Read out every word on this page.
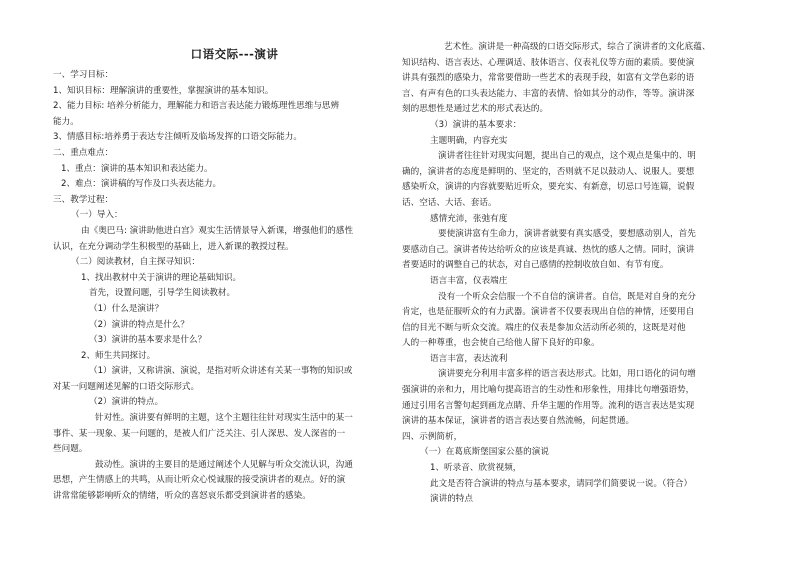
口语交际---演讲
一、学习目标：
1、知识目标：理解演讲的重要性，掌握演讲的基本知识。
2、能力目标: 培养分析能力，理解能力和语言表达能力锻炼理性思维与思辨
能力。
3、情感目标:培养勇于表达专注倾听及临场发挥的口语交际能力。
二、重点难点：
1、重点：演讲的基本知识和表达能力。
2、难点：演讲稿的写作及口头表达能力。
三、教学过程：
（一）导入：
由《奥巴马: 演讲助他进白宫》观实生活情景导入新课，增强他们的感性
认识，在充分调动学生积极型的基础上，进入新课的教授过程。
（二）阅读教材，自主探寻知识：
1、找出教材中关于演讲的理论基础知识。
首先，设置问题，引导学生阅读教材。
（1）什么是演讲？
（2）演讲的特点是什么？
（3）演讲的基本要求是什么？
2、师生共同探讨。
（1）演讲，又称讲演、演说，是指对听众讲述有关某一事物的知识或
对某一问题阐述见解的口语交际形式。
（2）演讲的特点。
针对性。演讲要有鲜明的主题，这个主题往往针对现实生活中的某一
事件、某一现象、某一问题的，是被人们广泛关注、引人深思、发人深省的一
些问题。
鼓动性。演讲的主要目的是通过阐述个人见解与听众交流认识，沟通
思想，产生情感上的共鸣，从而让听众心悦诚服的接受演讲者的观点。好的演
讲常常能够影响听众的情绪，听众的喜怒哀乐都受到演讲者的感染。
艺术性。演讲是一种高级的口语交际形式，综合了演讲者的文化底蕴、
知识结构、语言表达、心理调适、肢体语言、仪表礼仪等方面的素质。要使演
讲具有强烈的感染力，常常要借助一些艺术的表现手段，如富有文学色彩的语
言、有声有色的口头表达能力、丰富的表情、恰如其分的动作，等等。演讲深
刻的思想性是通过艺术的形式表达的。
（3）演讲的基本要求：
主题明确，内容充实
演讲者往往针对现实问题，提出自己的观点，这个观点是集中的、明
确的，演讲者的态度是鲜明的、坚定的，否则就不足以鼓动人、说服人。要想
感染听众，演讲的内容就要贴近听众，要充实、有新意，切忌口号连篇，说假
话、空话、大话、套话。
感情充沛，张弛有度
要使演讲富有生命力，演讲者就要有真实感受，要想感动别人，首先
要感动自己。演讲者传达给听众的应该是真诚、热忱的感人之情。同时，演讲
者要适时的调整自己的状态，对自己感情的控制收放自如、有节有度。
语言丰富，仪表端庄
没有一个听众会信服一个不自信的演讲者。自信，既是对自身的充分
肯定，也是征服听众的有力武器。演讲者不仅要表现出自信的神情，还要用自
信的目光不断与听众交流。端庄的仪表是参加众活动所必须的，这既是对他
人的一种尊重，也会使自己给他人留下良好的印象。
语言丰富，表达流利
演讲要充分利用丰富多样的语言表达形式。比如，用口语化的词句增
强演讲的亲和力，用比喻句提高语言的生动性和形象性，用排比句增强语势，
通过引用名言警句起到画龙点睛、升华主题的作用等。流利的语言表达是实现
演讲的基本保证，演讲者的语言表达要自然流畅，问起贯通。
四、示例简析，
（一）在葛底斯堡国家公墓的演说
1、听录音、欣赏视频，
此文是否符合演讲的特点与基本要求，请同学们简要说一说。（符合）
演讲的特点
